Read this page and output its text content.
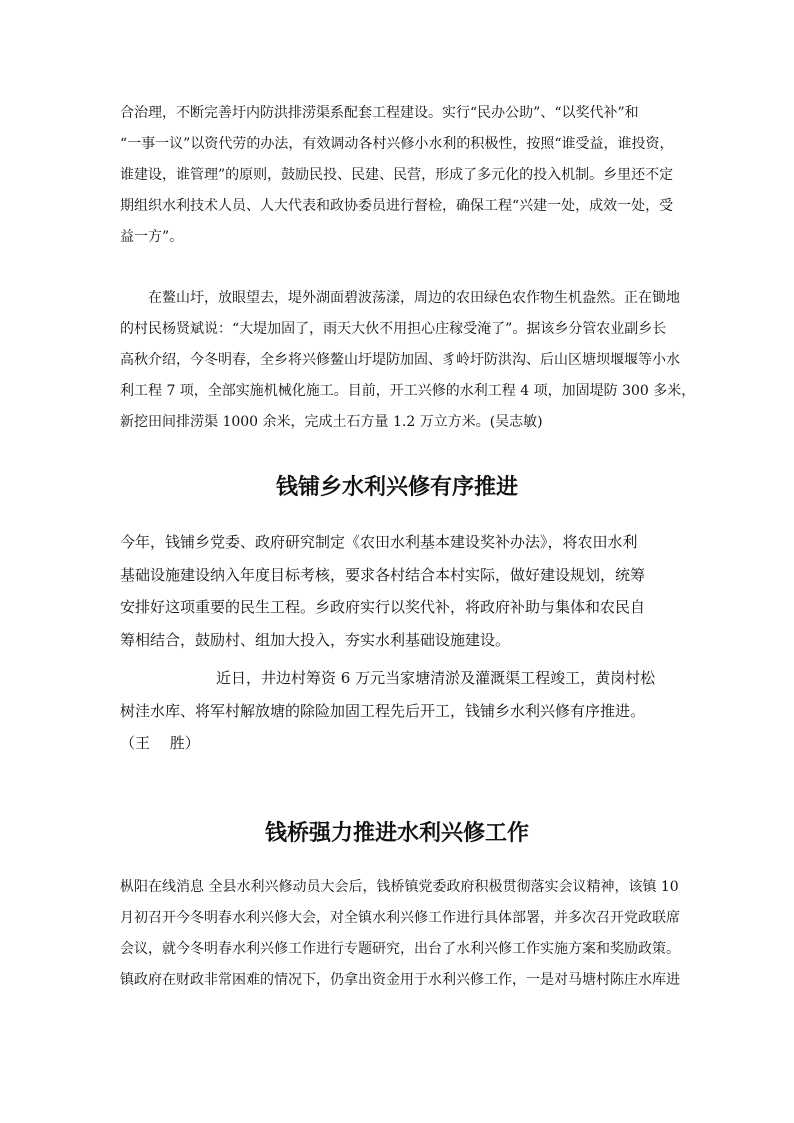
合治理，不断完善圩内防洪排涝渠系配套工程建设。实行“民办公助”、“以奖代补”和
“一事一议”以资代劳的办法，有效调动各村兴修小水利的积极性，按照“谁受益，谁投资，
谁建设，谁管理”的原则，鼓励民投、民建、民营，形成了多元化的投入机制。乡里还不定
期组织水利技术人员、人大代表和政协委员进行督检，确保工程“兴建一处，成效一处，受
益一方”。
在鳌山圩，放眼望去，堤外湖面碧波荡漾，周边的农田绿色农作物生机盎然。正在锄地
的村民杨贤斌说：“大堤加固了，雨天大伙不用担心庄稼受淹了”。据该乡分管农业副乡长
高秋介绍，今冬明春，全乡将兴修鳌山圩堤防加固、豸岭圩防洪沟、后山区塘坝堰堰等小水
利工程 7 项，全部实施机械化施工。目前，开工兴修的水利工程 4 项，加固堤防 300 多米，
新挖田间排涝渠 1000 余米，完成土石方量 1.2 万立方米。(吴志敏)
钱铺乡水利兴修有序推进
今年，钱铺乡党委、政府研究制定《农田水利基本建设奖补办法》，将农田水利
基础设施建设纳入年度目标考核，要求各村结合本村实际，做好建设规划，统筹
安排好这项重要的民生工程。乡政府实行以奖代补，将政府补助与集体和农民自
筹相结合，鼓励村、组加大投入，夯实水利基础设施建设。
近日，井边村筹资 6 万元当家塘清淤及灌溉渠工程竣工，黄岗村松
树洼水库、将军村解放塘的除险加固工程先后开工，钱铺乡水利兴修有序推进。
（王　 胜）
钱桥强力推进水利兴修工作
枞阳在线消息 全县水利兴修动员大会后，钱桥镇党委政府积极贯彻落实会议精神，该镇 10
月初召开今冬明春水利兴修大会，对全镇水利兴修工作进行具体部署，并多次召开党政联席
会议，就今冬明春水利兴修工作进行专题研究，出台了水利兴修工作实施方案和奖励政策。
镇政府在财政非常困难的情况下，仍拿出资金用于水利兴修工作，一是对马塘村陈庄水库进
